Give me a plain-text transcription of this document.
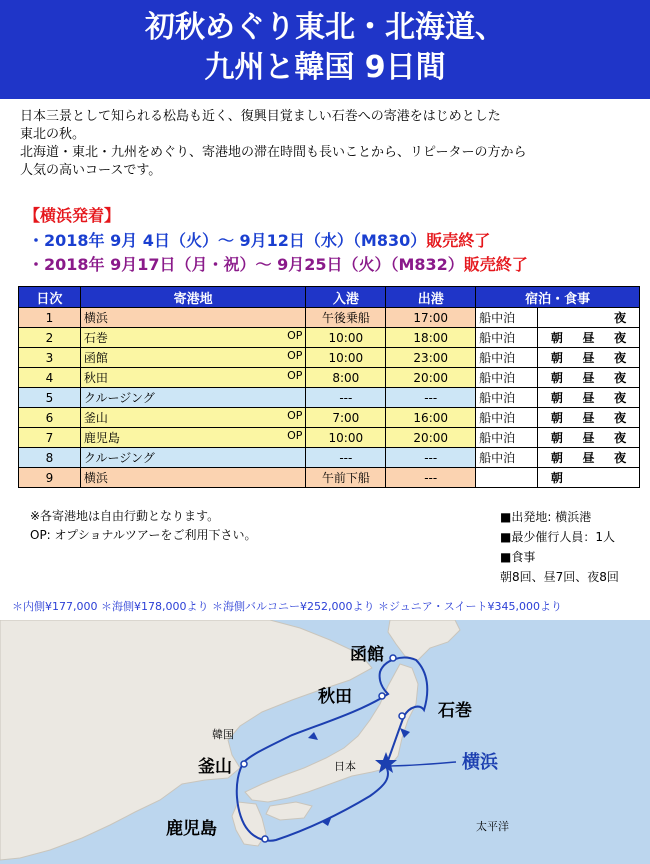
初秋めぐり東北・北海道、
九州と韓国 9日間

日本三景として知られる松島も近く、復興目覚ましい石巻への寄港をはじめとした

東北の秋。

北海道・東北・九州をめぐり、寄港地の滞在時間も長いことから、リピーターの方から

人気の高いコースです。

【横浜発着】
・2018年 9月 4日（火）～ 9月12日（水）（M830）販売終了
・2018年 9月17日（月・祝）～ 9月25日（火）（M832）販売終了
日次	寄港地	入港	出港	宿泊・食事	
1	横浜	午後乗船	17:00	船中泊	夜

2	石巻 OP	10:00	18:00	船中泊	朝 昼 夜

3	函館 OP	10:00	23:00	船中泊	朝 昼 夜

4	秋田 OP	8:00	20:00	船中泊	朝 昼 夜

5	クルージング	---	---	船中泊	朝 昼 夜

6	釜山 OP	7:00	16:00	船中泊	朝 昼 夜

7	鹿児島 OP	10:00	20:00	船中泊	朝 昼 夜

8	クルージング	---	---	船中泊	朝 昼 夜

9	横浜	午前下船	---		朝
※各寄港地は自由行動となります。
OP: オプショナルツアーをご利用下さい。
■出発地: 横浜港
■最少催行人員：1人
■食事
朝8回、昼7回、夜8回
＊内側¥177,000 ＊海側¥178,000より ＊海側バルコニー¥252,000より ＊ジュニア・スイート¥345,000より
函館
秋田
石巻
韓国
釜山	日本	横浜
鹿児島	太平洋
